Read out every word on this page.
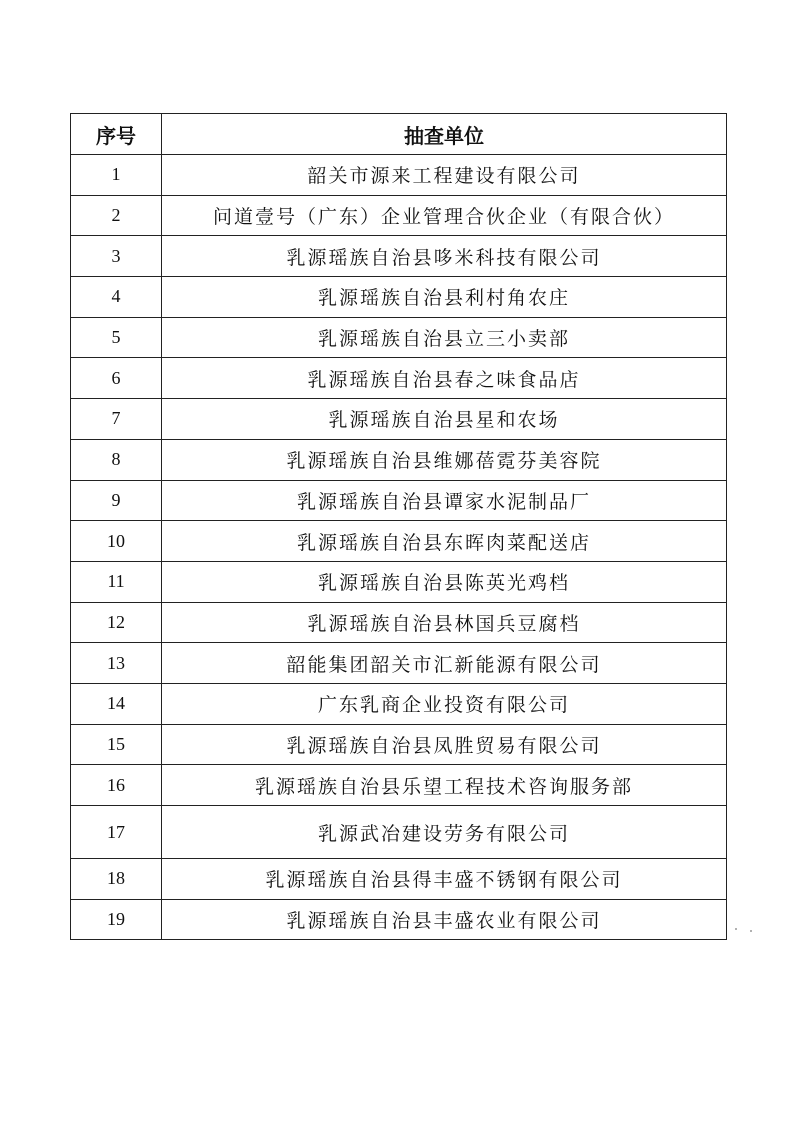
序号	抽查单位
1	韶关市源来工程建设有限公司
2	问道壹号（广东）企业管理合伙企业（有限合伙）
3	乳源瑶族自治县哆米科技有限公司
4	乳源瑶族自治县利村角农庄
5	乳源瑶族自治县立三小卖部
6	乳源瑶族自治县春之味食品店
7	乳源瑶族自治县星和农场
8	乳源瑶族自治县维娜蓓霓芬美容院
9	乳源瑶族自治县谭家水泥制品厂
10	乳源瑶族自治县东晖肉菜配送店
11	乳源瑶族自治县陈英光鸡档
12	乳源瑶族自治县林国兵豆腐档
13	韶能集团韶关市汇新能源有限公司
14	广东乳商企业投资有限公司
15	乳源瑶族自治县凤胜贸易有限公司
16	乳源瑶族自治县乐望工程技术咨询服务部
17	乳源武冶建设劳务有限公司
18	乳源瑶族自治县得丰盛不锈钢有限公司
19	乳源瑶族自治县丰盛农业有限公司
